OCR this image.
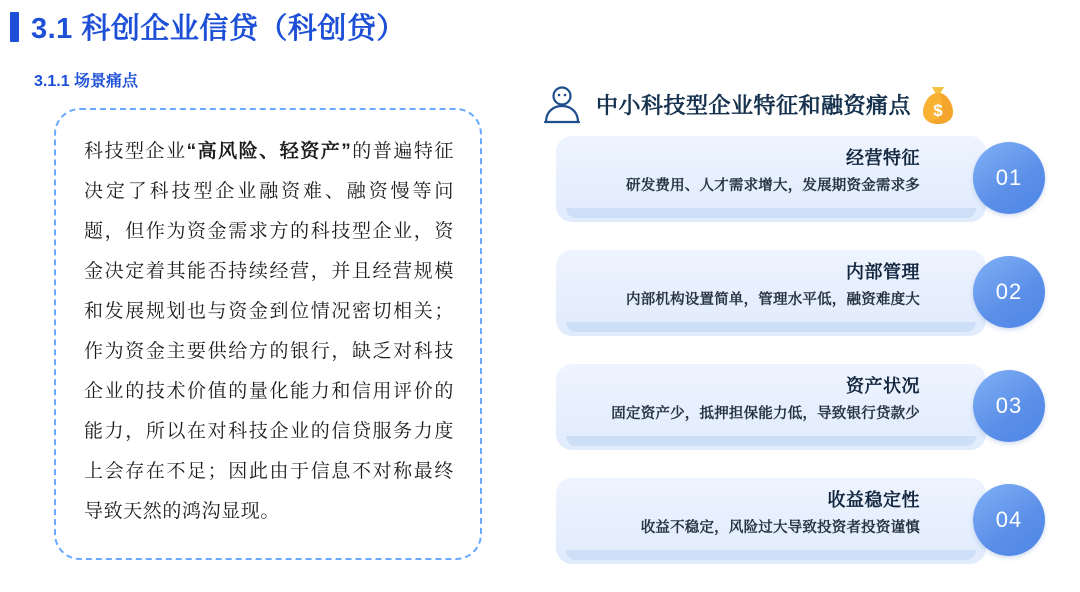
3.1 科创企业信贷（科创贷）
3.1.1 场景痛点
科技型企业“高风险、轻资产”的普遍特征决定了科技型企业融资难、融资慢等问题，但作为资金需求方的科技型企业，资金决定着其能否持续经营，并且经营规模和发展规划也与资金到位情况密切相关；作为资金主要供给方的银行，缺乏对科技企业的技术价值的量化能力和信用评价的能力，所以在对科技企业的信贷服务力度上会存在不足；因此由于信息不对称最终导致天然的鸿沟显现。
中小科技型企业特征和融资痛点 $
经营特征
研发费用、人才需求增大，发展期资金需求多	01
内部管理
内部机构设置简单，管理水平低，融资难度大	02
资产状况
固定资产少，抵押担保能力低，导致银行贷款少	03
收益稳定性
收益不稳定，风险过大导致投资者投资谨慎	04
